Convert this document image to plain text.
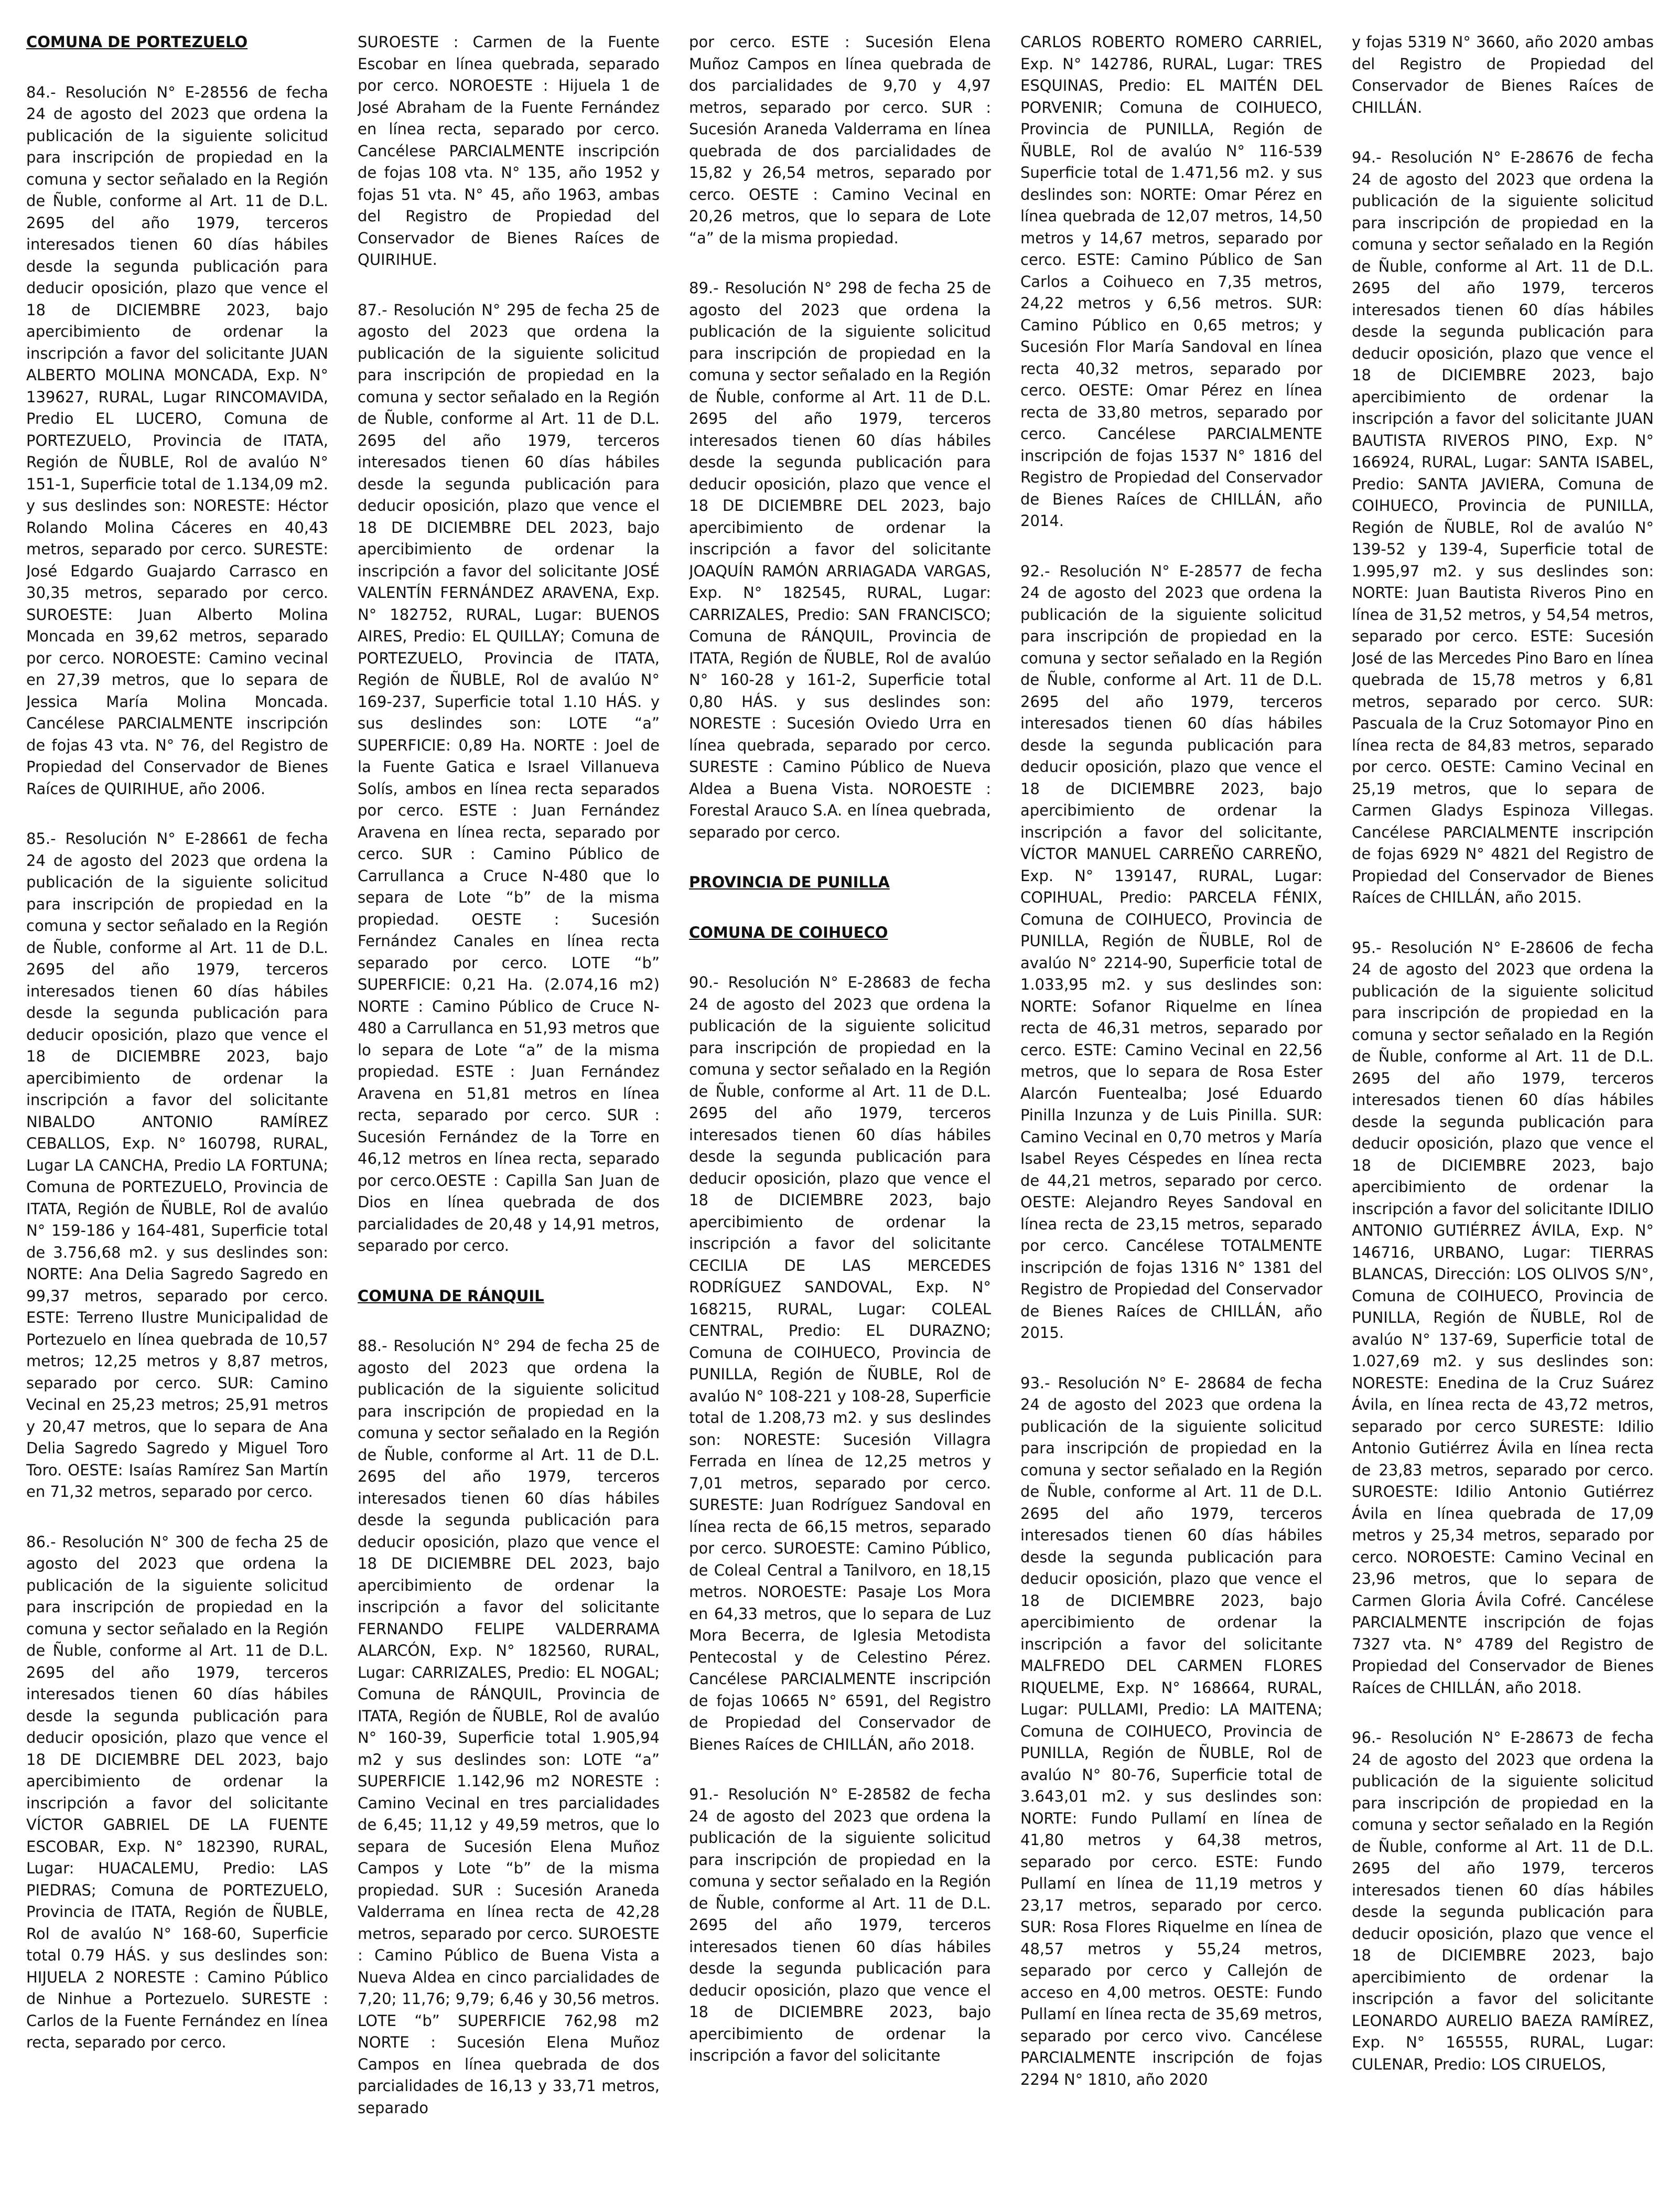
COMUNA DE PORTEZUELO

84.- Resolución N° E-28556 de fecha 24 de agosto del 2023 que ordena la publicación de la siguiente solicitud para inscripción de propiedad en la comuna y sector señalado en la Región de Ñuble, conforme al Art. 11 de D.L. 2695 del año 1979, terceros interesados tienen 60 días hábiles desde la segunda publicación para deducir oposición, plazo que vence el 18 de DICIEMBRE 2023, bajo apercibimiento de ordenar la inscripción a favor del solicitante JUAN ALBERTO MOLINA MONCADA, Exp. N° 139627, RURAL, Lugar RINCOMAVIDA, Predio EL LUCERO, Comuna de PORTEZUELO, Provincia de ITATA, Región de ÑUBLE, Rol de avalúo N° 151-1, Superficie total de 1.134,09 m2. y sus deslindes son: NORESTE: Héctor Rolando Molina Cáceres en 40,43 metros, separado por cerco. SURESTE: José Edgardo Guajardo Carrasco en 30,35 metros, separado por cerco. SUROESTE: Juan Alberto Molina Moncada en 39,62 metros, separado por cerco. NOROESTE: Camino vecinal en 27,39 metros, que lo separa de Jessica María Molina Moncada. Cancélese PARCIALMENTE inscripción de fojas 43 vta. N° 76, del Registro de Propiedad del Conservador de Bienes Raíces de QUIRIHUE, año 2006.

85.- Resolución N° E-28661 de fecha 24 de agosto del 2023 que ordena la publicación de la siguiente solicitud para inscripción de propiedad en la comuna y sector señalado en la Región de Ñuble, conforme al Art. 11 de D.L. 2695 del año 1979, terceros interesados tienen 60 días hábiles desde la segunda publicación para deducir oposición, plazo que vence el 18 de DICIEMBRE 2023, bajo apercibimiento de ordenar la inscripción a favor del solicitante NIBALDO ANTONIO RAMÍREZ CEBALLOS, Exp. N° 160798, RURAL, Lugar LA CANCHA, Predio LA FORTUNA; Comuna de PORTEZUELO, Provincia de ITATA, Región de ÑUBLE, Rol de avalúo N° 159-186 y 164-481, Superficie total de 3.756,68 m2. y sus deslindes son: NORTE: Ana Delia Sagredo Sagredo en 99,37 metros, separado por cerco. ESTE: Terreno Ilustre Municipalidad de Portezuelo en línea quebrada de 10,57 metros; 12,25 metros y 8,87 metros, separado por cerco. SUR: Camino Vecinal en 25,23 metros; 25,91 metros y 20,47 metros, que lo separa de Ana Delia Sagredo Sagredo y Miguel Toro Toro. OESTE: Isaías Ramírez San Martín en 71,32 metros, separado por cerco.

86.- Resolución N° 300 de fecha 25 de agosto del 2023 que ordena la publicación de la siguiente solicitud para inscripción de propiedad en la comuna y sector señalado en la Región de Ñuble, conforme al Art. 11 de D.L. 2695 del año 1979, terceros interesados tienen 60 días hábiles desde la segunda publicación para deducir oposición, plazo que vence el 18 DE DICIEMBRE DEL 2023, bajo apercibimiento de ordenar la inscripción a favor del solicitante VÍCTOR GABRIEL DE LA FUENTE ESCOBAR, Exp. N° 182390, RURAL, Lugar: HUACALEMU, Predio: LAS PIEDRAS; Comuna de PORTEZUELO, Provincia de ITATA, Región de ÑUBLE, Rol de avalúo N° 168-60, Superficie total 0.79 HÁS. y sus deslindes son: HIJUELA 2 NORESTE : Camino Público de Ninhue a Portezuelo. SURESTE : Carlos de la Fuente Fernández en línea recta, separado por cerco.

SUROESTE : Carmen de la Fuente Escobar en línea quebrada, separado por cerco. NOROESTE : Hijuela 1 de José Abraham de la Fuente Fernández en línea recta, separado por cerco. Cancélese PARCIALMENTE inscripción de fojas 108 vta. N° 135, año 1952 y fojas 51 vta. N° 45, año 1963, ambas del Registro de Propiedad del Conservador de Bienes Raíces de QUIRIHUE.

87.- Resolución N° 295 de fecha 25 de agosto del 2023 que ordena la publicación de la siguiente solicitud para inscripción de propiedad en la comuna y sector señalado en la Región de Ñuble, conforme al Art. 11 de D.L. 2695 del año 1979, terceros interesados tienen 60 días hábiles desde la segunda publicación para deducir oposición, plazo que vence el 18 DE DICIEMBRE DEL 2023, bajo apercibimiento de ordenar la inscripción a favor del solicitante JOSÉ VALENTÍN FERNÁNDEZ ARAVENA, Exp. N° 182752, RURAL, Lugar: BUENOS AIRES, Predio: EL QUILLAY; Comuna de PORTEZUELO, Provincia de ITATA, Región de ÑUBLE, Rol de avalúo N° 169-237, Superficie total 1.10 HÁS. y sus deslindes son: LOTE “a” SUPERFICIE: 0,89 Ha. NORTE : Joel de la Fuente Gatica e Israel Villanueva Solís, ambos en línea recta separados por cerco. ESTE : Juan Fernández Aravena en línea recta, separado por cerco. SUR : Camino Público de Carrullanca a Cruce N-480 que lo separa de Lote “b” de la misma propiedad. OESTE : Sucesión Fernández Canales en línea recta separado por cerco. LOTE “b” SUPERFICIE: 0,21 Ha. (2.074,16 m2) NORTE : Camino Público de Cruce N-480 a Carrullanca en 51,93 metros que lo separa de Lote “a” de la misma propiedad. ESTE : Juan Fernández Aravena en 51,81 metros en línea recta, separado por cerco. SUR : Sucesión Fernández de la Torre en 46,12 metros en línea recta, separado por cerco.OESTE : Capilla San Juan de Dios en línea quebrada de dos parcialidades de 20,48 y 14,91 metros, separado por cerco.

COMUNA DE RÁNQUIL

88.- Resolución N° 294 de fecha 25 de agosto del 2023 que ordena la publicación de la siguiente solicitud para inscripción de propiedad en la comuna y sector señalado en la Región de Ñuble, conforme al Art. 11 de D.L. 2695 del año 1979, terceros interesados tienen 60 días hábiles desde la segunda publicación para deducir oposición, plazo que vence el 18 DE DICIEMBRE DEL 2023, bajo apercibimiento de ordenar la inscripción a favor del solicitante FERNANDO FELIPE VALDERRAMA ALARCÓN, Exp. N° 182560, RURAL, Lugar: CARRIZALES, Predio: EL NOGAL; Comuna de RÁNQUIL, Provincia de ITATA, Región de ÑUBLE, Rol de avalúo N° 160-39, Superficie total 1.905,94 m2 y sus deslindes son: LOTE “a” SUPERFICIE 1.142,96 m2 NORESTE : Camino Vecinal en tres parcialidades de 6,45; 11,12 y 49,59 metros, que lo separa de Sucesión Elena Muñoz Campos y Lote “b” de la misma propiedad. SUR : Sucesión Araneda Valderrama en línea recta de 42,28 metros, separado por cerco. SUROESTE : Camino Público de Buena Vista a Nueva Aldea en cinco parcialidades de 7,20; 11,76; 9,79; 6,46 y 30,56 metros. LOTE “b” SUPERFICIE 762,98 m2 NORTE : Sucesión Elena Muñoz Campos en línea quebrada de dos parcialidades de 16,13 y 33,71 metros, separado

por cerco. ESTE : Sucesión Elena Muñoz Campos en línea quebrada de dos parcialidades de 9,70 y 4,97 metros, separado por cerco. SUR : Sucesión Araneda Valderrama en línea quebrada de dos parcialidades de 15,82 y 26,54 metros, separado por cerco. OESTE : Camino Vecinal en 20,26 metros, que lo separa de Lote “a” de la misma propiedad.

89.- Resolución N° 298 de fecha 25 de agosto del 2023 que ordena la publicación de la siguiente solicitud para inscripción de propiedad en la comuna y sector señalado en la Región de Ñuble, conforme al Art. 11 de D.L. 2695 del año 1979, terceros interesados tienen 60 días hábiles desde la segunda publicación para deducir oposición, plazo que vence el 18 DE DICIEMBRE DEL 2023, bajo apercibimiento de ordenar la inscripción a favor del solicitante JOAQUÍN RAMÓN ARRIAGADA VARGAS, Exp. N° 182545, RURAL, Lugar: CARRIZALES, Predio: SAN FRANCISCO; Comuna de RÁNQUIL, Provincia de ITATA, Región de ÑUBLE, Rol de avalúo N° 160-28 y 161-2, Superficie total 0,80 HÁS. y sus deslindes son: NORESTE : Sucesión Oviedo Urra en línea quebrada, separado por cerco. SURESTE : Camino Público de Nueva Aldea a Buena Vista. NOROESTE : Forestal Arauco S.A. en línea quebrada, separado por cerco.

PROVINCIA DE PUNILLA
COMUNA DE COIHUECO

90.- Resolución N° E-28683 de fecha 24 de agosto del 2023 que ordena la publicación de la siguiente solicitud para inscripción de propiedad en la comuna y sector señalado en la Región de Ñuble, conforme al Art. 11 de D.L. 2695 del año 1979, terceros interesados tienen 60 días hábiles desde la segunda publicación para deducir oposición, plazo que vence el 18 de DICIEMBRE 2023, bajo apercibimiento de ordenar la inscripción a favor del solicitante CECILIA DE LAS MERCEDES RODRÍGUEZ SANDOVAL, Exp. N° 168215, RURAL, Lugar: COLEAL CENTRAL, Predio: EL DURAZNO; Comuna de COIHUECO, Provincia de PUNILLA, Región de ÑUBLE, Rol de avalúo N° 108-221 y 108-28, Superficie total de 1.208,73 m2. y sus deslindes son: NORESTE: Sucesión Villagra Ferrada en línea de 12,25 metros y 7,01 metros, separado por cerco. SURESTE: Juan Rodríguez Sandoval en línea recta de 66,15 metros, separado por cerco. SUROESTE: Camino Público, de Coleal Central a Tanilvoro, en 18,15 metros. NOROESTE: Pasaje Los Mora en 64,33 metros, que lo separa de Luz Mora Becerra, de Iglesia Metodista Pentecostal y de Celestino Pérez. Cancélese PARCIALMENTE inscripción de fojas 10665 N° 6591, del Registro de Propiedad del Conservador de Bienes Raíces de CHILLÁN, año 2018.

91.- Resolución N° E-28582 de fecha 24 de agosto del 2023 que ordena la publicación de la siguiente solicitud para inscripción de propiedad en la comuna y sector señalado en la Región de Ñuble, conforme al Art. 11 de D.L. 2695 del año 1979, terceros interesados tienen 60 días hábiles desde la segunda publicación para deducir oposición, plazo que vence el 18 de DICIEMBRE 2023, bajo apercibimiento de ordenar la inscripción a favor del solicitante

CARLOS ROBERTO ROMERO CARRIEL, Exp. N° 142786, RURAL, Lugar: TRES ESQUINAS, Predio: EL MAITÉN DEL PORVENIR; Comuna de COIHUECO, Provincia de PUNILLA, Región de ÑUBLE, Rol de avalúo N° 116-539 Superficie total de 1.471,56 m2. y sus deslindes son: NORTE: Omar Pérez en línea quebrada de 12,07 metros, 14,50 metros y 14,67 metros, separado por cerco. ESTE: Camino Público de San Carlos a Coihueco en 7,35 metros, 24,22 metros y 6,56 metros. SUR: Camino Público en 0,65 metros; y Sucesión Flor María Sandoval en línea recta 40,32 metros, separado por cerco. OESTE: Omar Pérez en línea recta de 33,80 metros, separado por cerco. Cancélese PARCIALMENTE inscripción de fojas 1537 N° 1816 del Registro de Propiedad del Conservador de Bienes Raíces de CHILLÁN, año 2014.

92.- Resolución N° E-28577 de fecha 24 de agosto del 2023 que ordena la publicación de la siguiente solicitud para inscripción de propiedad en la comuna y sector señalado en la Región de Ñuble, conforme al Art. 11 de D.L. 2695 del año 1979, terceros interesados tienen 60 días hábiles desde la segunda publicación para deducir oposición, plazo que vence el 18 de DICIEMBRE 2023, bajo apercibimiento de ordenar la inscripción a favor del solicitante, VÍCTOR MANUEL CARREÑO CARREÑO, Exp. N° 139147, RURAL, Lugar: COPIHUAL, Predio: PARCELA FÉNIX, Comuna de COIHUECO, Provincia de PUNILLA, Región de ÑUBLE, Rol de avalúo N° 2214-90, Superficie total de 1.033,95 m2. y sus deslindes son: NORTE: Sofanor Riquelme en línea recta de 46,31 metros, separado por cerco. ESTE: Camino Vecinal en 22,56 metros, que lo separa de Rosa Ester Alarcón Fuentealba; José Eduardo Pinilla Inzunza y de Luis Pinilla. SUR: Camino Vecinal en 0,70 metros y María Isabel Reyes Céspedes en línea recta de 44,21 metros, separado por cerco. OESTE: Alejandro Reyes Sandoval en línea recta de 23,15 metros, separado por cerco. Cancélese TOTALMENTE inscripción de fojas 1316 N° 1381 del Registro de Propiedad del Conservador de Bienes Raíces de CHILLÁN, año 2015.

93.- Resolución N° E- 28684 de fecha 24 de agosto del 2023 que ordena la publicación de la siguiente solicitud para inscripción de propiedad en la comuna y sector señalado en la Región de Ñuble, conforme al Art. 11 de D.L. 2695 del año 1979, terceros interesados tienen 60 días hábiles desde la segunda publicación para deducir oposición, plazo que vence el 18 de DICIEMBRE 2023, bajo apercibimiento de ordenar la inscripción a favor del solicitante MALFREDO DEL CARMEN FLORES RIQUELME, Exp. N° 168664, RURAL, Lugar: PULLAMI, Predio: LA MAITENA; Comuna de COIHUECO, Provincia de PUNILLA, Región de ÑUBLE, Rol de avalúo N° 80-76, Superficie total de 3.643,01 m2. y sus deslindes son: NORTE: Fundo Pullamí en línea de 41,80 metros y 64,38 metros, separado por cerco. ESTE: Fundo Pullamí en línea de 11,19 metros y 23,17 metros, separado por cerco. SUR: Rosa Flores Riquelme en línea de 48,57 metros y 55,24 metros, separado por cerco y Callejón de acceso en 4,00 metros. OESTE: Fundo Pullamí en línea recta de 35,69 metros, separado por cerco vivo. Cancélese PARCIALMENTE inscripción de fojas 2294 N° 1810, año 2020

y fojas 5319 N° 3660, año 2020 ambas del Registro de Propiedad del Conservador de Bienes Raíces de CHILLÁN.

94.- Resolución N° E-28676 de fecha 24 de agosto del 2023 que ordena la publicación de la siguiente solicitud para inscripción de propiedad en la comuna y sector señalado en la Región de Ñuble, conforme al Art. 11 de D.L. 2695 del año 1979, terceros interesados tienen 60 días hábiles desde la segunda publicación para deducir oposición, plazo que vence el 18 de DICIEMBRE 2023, bajo apercibimiento de ordenar la inscripción a favor del solicitante JUAN BAUTISTA RIVEROS PINO, Exp. N° 166924, RURAL, Lugar: SANTA ISABEL, Predio: SANTA JAVIERA, Comuna de COIHUECO, Provincia de PUNILLA, Región de ÑUBLE, Rol de avalúo N° 139-52 y 139-4, Superficie total de 1.995,97 m2. y sus deslindes son: NORTE: Juan Bautista Riveros Pino en línea de 31,52 metros, y 54,54 metros, separado por cerco. ESTE: Sucesión José de las Mercedes Pino Baro en línea quebrada de 15,78 metros y 6,81 metros, separado por cerco. SUR: Pascuala de la Cruz Sotomayor Pino en línea recta de 84,83 metros, separado por cerco. OESTE: Camino Vecinal en 25,19 metros, que lo separa de Carmen Gladys Espinoza Villegas. Cancélese PARCIALMENTE inscripción de fojas 6929 N° 4821 del Registro de Propiedad del Conservador de Bienes Raíces de CHILLÁN, año 2015.

95.- Resolución N° E-28606 de fecha 24 de agosto del 2023 que ordena la publicación de la siguiente solicitud para inscripción de propiedad en la comuna y sector señalado en la Región de Ñuble, conforme al Art. 11 de D.L. 2695 del año 1979, terceros interesados tienen 60 días hábiles desde la segunda publicación para deducir oposición, plazo que vence el 18 de DICIEMBRE 2023, bajo apercibimiento de ordenar la inscripción a favor del solicitante IDILIO ANTONIO GUTIÉRREZ ÁVILA, Exp. N° 146716, URBANO, Lugar: TIERRAS BLANCAS, Dirección: LOS OLIVOS S/N°, Comuna de COIHUECO, Provincia de PUNILLA, Región de ÑUBLE, Rol de avalúo N° 137-69, Superficie total de 1.027,69 m2. y sus deslindes son: NORESTE: Enedina de la Cruz Suárez Ávila, en línea recta de 43,72 metros, separado por cerco SURESTE: Idilio Antonio Gutiérrez Ávila en línea recta de 23,83 metros, separado por cerco. SUROESTE: Idilio Antonio Gutiérrez Ávila en línea quebrada de 17,09 metros y 25,34 metros, separado por cerco. NOROESTE: Camino Vecinal en 23,96 metros, que lo separa de Carmen Gloria Ávila Cofré. Cancélese PARCIALMENTE inscripción de fojas 7327 vta. N° 4789 del Registro de Propiedad del Conservador de Bienes Raíces de CHILLÁN, año 2018.

96.- Resolución N° E-28673 de fecha 24 de agosto del 2023 que ordena la publicación de la siguiente solicitud para inscripción de propiedad en la comuna y sector señalado en la Región de Ñuble, conforme al Art. 11 de D.L. 2695 del año 1979, terceros interesados tienen 60 días hábiles desde la segunda publicación para deducir oposición, plazo que vence el 18 de DICIEMBRE 2023, bajo apercibimiento de ordenar la inscripción a favor del solicitante LEONARDO AURELIO BAEZA RAMÍREZ, Exp. N° 165555, RURAL, Lugar: CULENAR, Predio: LOS CIRUELOS,
